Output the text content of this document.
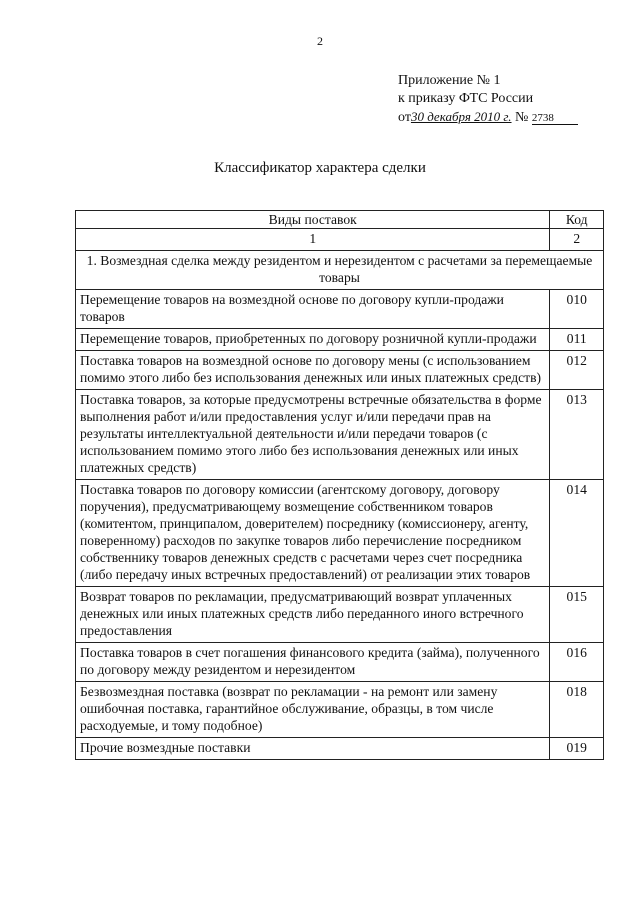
2
Приложение № 1
к приказу ФТС России
от30 декабря 2010 г. № 2738
Классификатор характера сделки
Виды поставок	Код
1	2
1. Возмездная сделка между резидентом и нерезидентом с расчетами за перемещаемые товары	
Перемещение товаров на возмездной основе по договору купли-продажи товаров	010
Перемещение товаров, приобретенных по договору розничной купли-продажи	011
Поставка товаров на возмездной основе по договору мены (с использованием помимо этого либо без использования денежных или иных платежных средств)	012
Поставка товаров, за которые предусмотрены встречные обязательства в форме выполнения работ и/или предоставления услуг и/или передачи прав на результаты интеллектуальной деятельности и/или передачи товаров (с использованием помимо этого либо без использования денежных или иных платежных средств)	013
Поставка товаров по договору комиссии (агентскому договору, договору поручения), предусматривающему возмещение собственником товаров (комитентом, принципалом, доверителем) посреднику (комиссионеру, агенту, поверенному) расходов по закупке товаров либо перечисление посредником собственнику товаров денежных средств с расчетами через счет посредника (либо передачу иных встречных предоставлений) от реализации этих товаров	014
Возврат товаров по рекламации, предусматривающий возврат уплаченных денежных или иных платежных средств либо переданного иного встречного предоставления	015
Поставка товаров в счет погашения финансового кредита (займа), полученного по договору между резидентом и нерезидентом	016
Безвозмездная поставка (возврат по рекламации - на ремонт или замену ошибочная поставка, гарантийное обслуживание, образцы, в том числе расходуемые, и тому подобное)	018
Прочие возмездные поставки	019
